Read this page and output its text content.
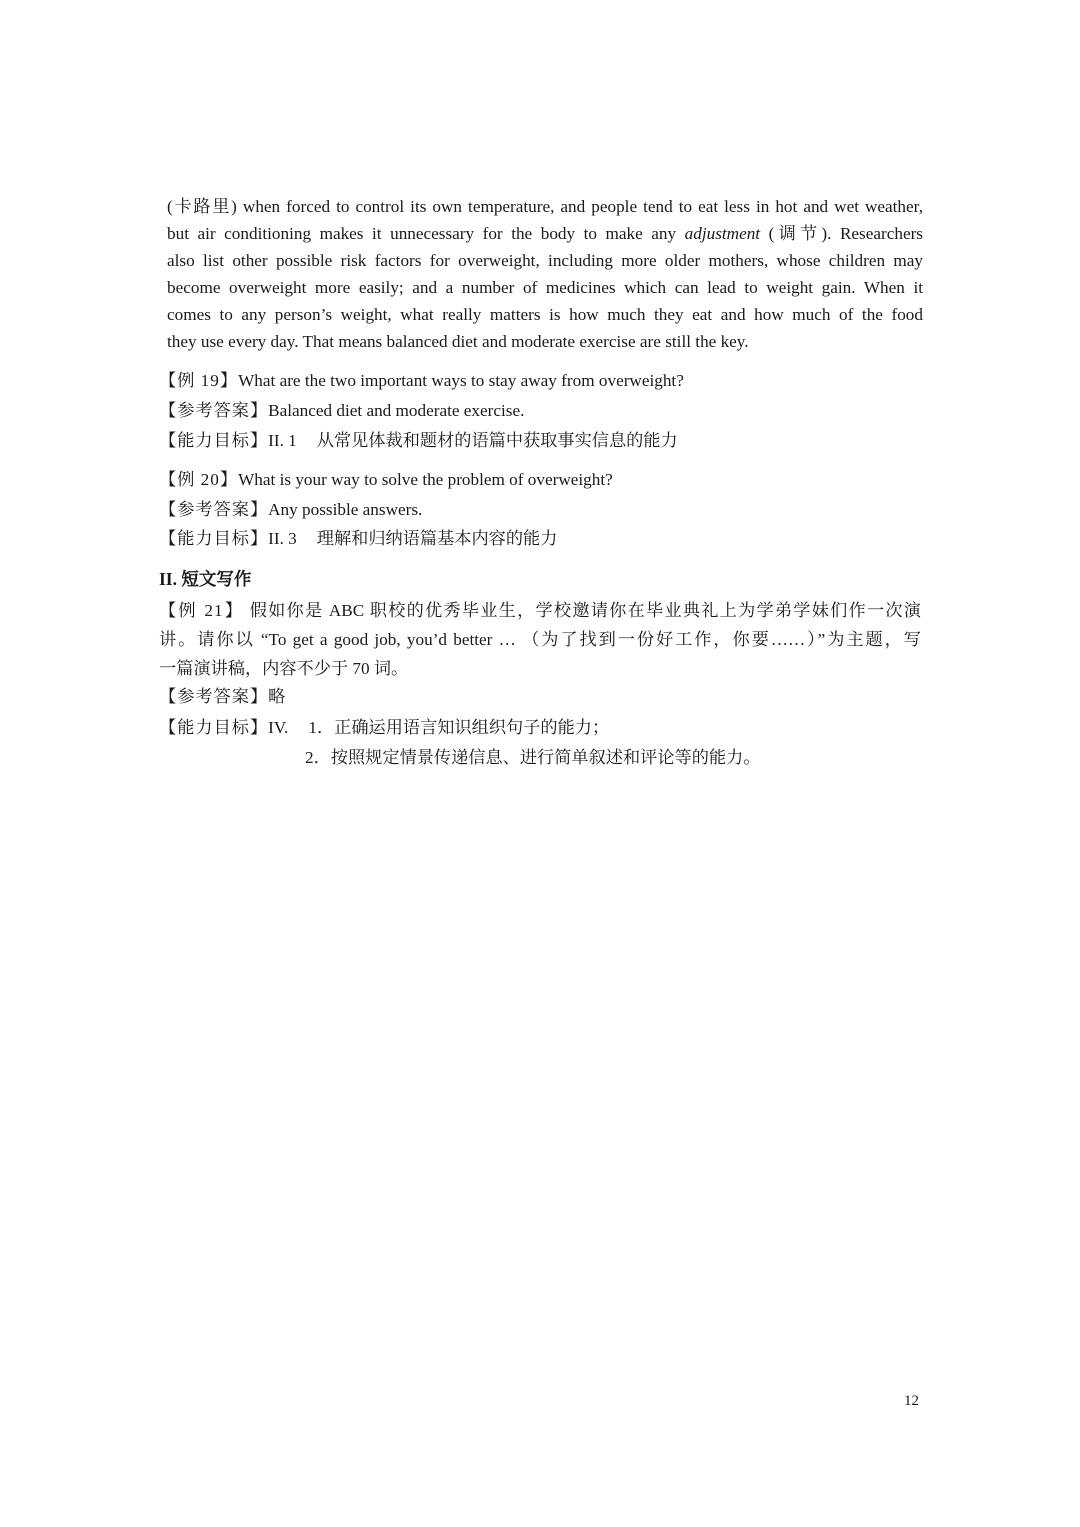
(卡路里) when forced to control its own temperature, and people tend to eat less in hot and wet weather,
but air conditioning makes it unnecessary for the body to make any adjustment (调节). Researchers
also list other possible risk factors for overweight, including more older mothers, whose children may
become overweight more easily; and a number of medicines which can lead to weight gain. When it
comes to any person’s weight, what really matters is how much they eat and how much of the food
they use every day. That means balanced diet and moderate exercise are still the key.
【例 19】What are the two important ways to stay away from overweight?
【参考答案】Balanced diet and moderate exercise.
【能力目标】II. 1 从常见体裁和题材的语篇中获取事实信息的能力
【例 20】What is your way to solve the problem of overweight?
【参考答案】Any possible answers.
【能力目标】II. 3 理解和归纳语篇基本内容的能力
II. 短文写作
【例 21】 假如你是 ABC 职校的优秀毕业生，学校邀请你在毕业典礼上为学弟学妹们作一次演
讲。请你以 “To get a good job, you’d better … （为了找到一份好工作，你要……）”为主题，写
一篇演讲稿，内容不少于 70 词。
【参考答案】略
【能力目标】IV. 1．正确运用语言知识组织句子的能力；
2．按照规定情景传递信息、进行简单叙述和评论等的能力。
12
